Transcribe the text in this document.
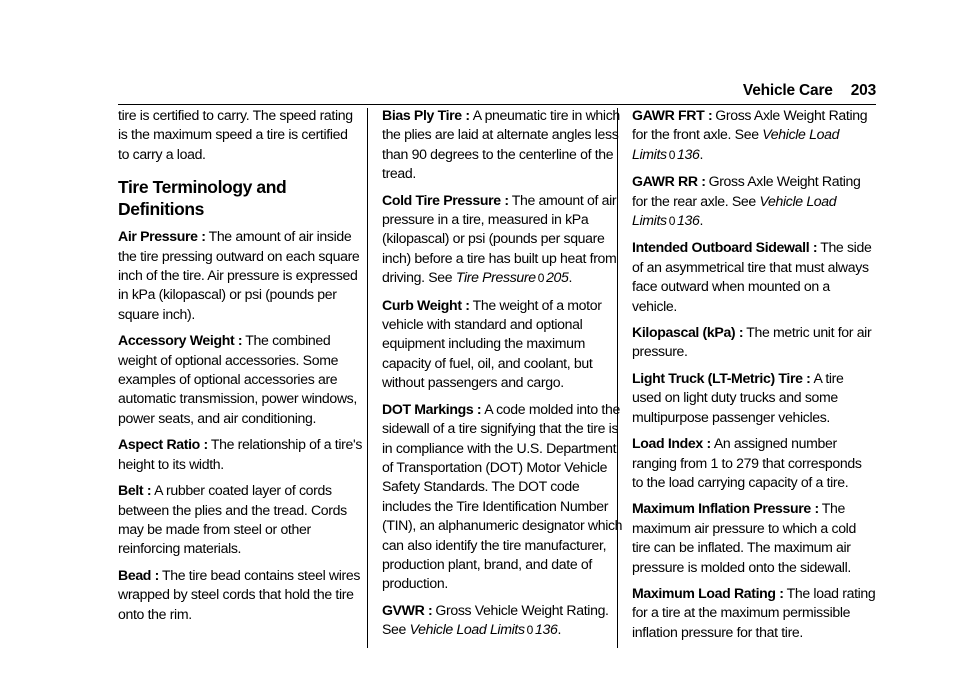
Vehicle Care 203

tire is certified to carry. The speed rating is the maximum speed a tire is certified to carry a load.

Tire Terminology and Definitions

Air Pressure : The amount of air inside the tire pressing outward on each square inch of the tire. Air pressure is expressed in kPa (kilopascal) or psi (pounds per square inch).

Accessory Weight : The combined weight of optional accessories. Some examples of optional accessories are automatic transmission, power windows, power seats, and air conditioning.

Aspect Ratio : The relationship of a tire's height to its width.

Belt : A rubber coated layer of cords between the plies and the tread. Cords may be made from steel or other reinforcing materials.

Bead : The tire bead contains steel wires wrapped by steel cords that hold the tire onto the rim.

Bias Ply Tire : A pneumatic tire in which the plies are laid at alternate angles less than 90 degrees to the centerline of the tread.

Cold Tire Pressure : The amount of air pressure in a tire, measured in kPa (kilopascal) or psi (pounds per square inch) before a tire has built up heat from driving. See Tire Pressure 0 205.

Curb Weight : The weight of a motor vehicle with standard and optional equipment including the maximum capacity of fuel, oil, and coolant, but without passengers and cargo.

DOT Markings : A code molded into the sidewall of a tire signifying that the tire is in compliance with the U.S. Department of Transportation (DOT) Motor Vehicle Safety Standards. The DOT code includes the Tire Identification Number (TIN), an alphanumeric designator which can also identify the tire manufacturer, production plant, brand, and date of production.

GVWR : Gross Vehicle Weight Rating. See Vehicle Load Limits 0 136.

GAWR FRT : Gross Axle Weight Rating for the front axle. See Vehicle Load Limits 0 136.

GAWR RR : Gross Axle Weight Rating for the rear axle. See Vehicle Load Limits 0 136.

Intended Outboard Sidewall : The side of an asymmetrical tire that must always face outward when mounted on a vehicle.

Kilopascal (kPa) : The metric unit for air pressure.

Light Truck (LT-Metric) Tire : A tire used on light duty trucks and some multipurpose passenger vehicles.

Load Index : An assigned number ranging from 1 to 279 that corresponds to the load carrying capacity of a tire.

Maximum Inflation Pressure : The maximum air pressure to which a cold tire can be inflated. The maximum air pressure is molded onto the sidewall.

Maximum Load Rating : The load rating for a tire at the maximum permissible inflation pressure for that tire.
